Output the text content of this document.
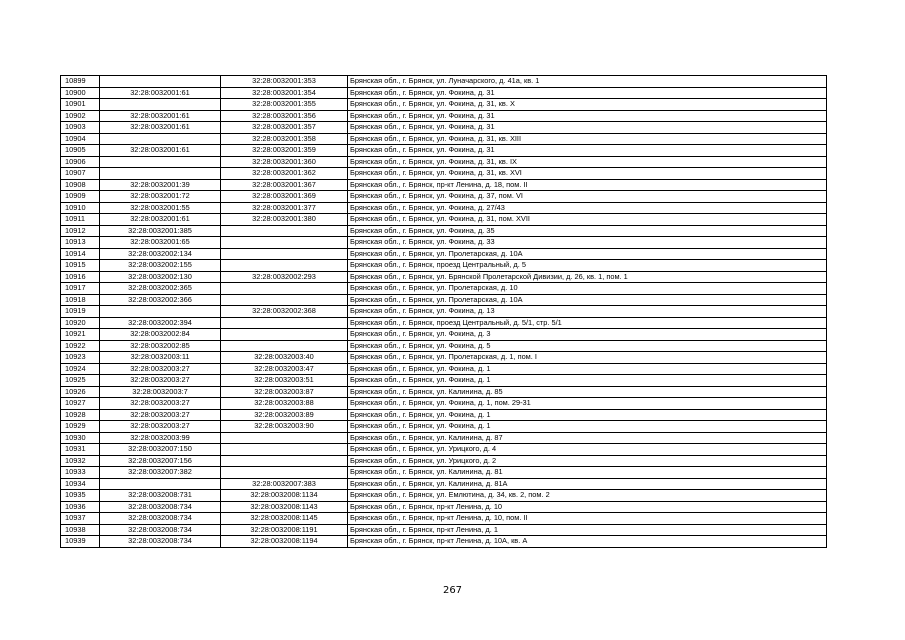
10899		32:28:0032001:353	Брянская обл., г. Брянск, ул. Луначарского, д. 41а, кв. 1
10900	32:28:0032001:61	32:28:0032001:354	Брянская обл., г. Брянск, ул. Фокина, д. 31
10901		32:28:0032001:355	Брянская обл., г. Брянск, ул. Фокина, д. 31, кв. X
10902	32:28:0032001:61	32:28:0032001:356	Брянская обл., г. Брянск, ул. Фокина, д. 31
10903	32:28:0032001:61	32:28:0032001:357	Брянская обл., г. Брянск, ул. Фокина, д. 31
10904		32:28:0032001:358	Брянская обл., г. Брянск, ул. Фокина, д. 31, кв. XIII
10905	32:28:0032001:61	32:28:0032001:359	Брянская обл., г. Брянск, ул. Фокина, д. 31
10906		32:28:0032001:360	Брянская обл., г. Брянск, ул. Фокина, д. 31, кв. IX
10907		32:28:0032001:362	Брянская обл., г. Брянск, ул. Фокина, д. 31, кв. XVI
10908	32:28:0032001:39	32:28:0032001:367	Брянская обл., г. Брянск, пр-кт Ленина, д. 18, пом. II
10909	32:28:0032001:72	32:28:0032001:369	Брянская обл., г. Брянск, ул. Фокина, д. 37, пом. VI
10910	32:28:0032001:55	32:28:0032001:377	Брянская обл., г. Брянск, ул. Фокина, д. 27/43
10911	32:28:0032001:61	32:28:0032001:380	Брянская обл., г. Брянск, ул. Фокина, д. 31, пом. XVII
10912	32:28:0032001:385		Брянская обл., г. Брянск, ул. Фокина, д. 35
10913	32:28:0032001:65		Брянская обл., г. Брянск, ул. Фокина, д. 33
10914	32:28:0032002:134		Брянская обл., г. Брянск, ул. Пролетарская, д. 10А
10915	32:28:0032002:155		Брянская обл., г. Брянск, проезд Центральный, д. 5
10916	32:28:0032002:130	32:28:0032002:293	Брянская обл., г. Брянск, ул. Брянской Пролетарской Дивизии, д. 26, кв. 1, пом. 1
10917	32:28:0032002:365		Брянская обл., г. Брянск, ул. Пролетарская, д. 10
10918	32:28:0032002:366		Брянская обл., г. Брянск, ул. Пролетарская, д. 10А
10919		32:28:0032002:368	Брянская обл., г. Брянск, ул. Фокина, д. 13
10920	32:28:0032002:394		Брянская обл., г. Брянск, проезд Центральный, д. 5/1, стр. 5/1
10921	32:28:0032002:84		Брянская обл., г. Брянск, ул. Фокина, д. 3
10922	32:28:0032002:85		Брянская обл., г. Брянск, ул. Фокина, д. 5
10923	32:28:0032003:11	32:28:0032003:40	Брянская обл., г. Брянск, ул. Пролетарская, д. 1, пом. I
10924	32:28:0032003:27	32:28:0032003:47	Брянская обл., г. Брянск, ул. Фокина, д. 1
10925	32:28:0032003:27	32:28:0032003:51	Брянская обл., г. Брянск, ул. Фокина, д. 1
10926	32:28:0032003:7	32:28:0032003:87	Брянская обл., г. Брянск, ул. Калинина, д. 85
10927	32:28:0032003:27	32:28:0032003:88	Брянская обл., г. Брянск, ул. Фокина, д. 1, пом. 29-31
10928	32:28:0032003:27	32:28:0032003:89	Брянская обл., г. Брянск, ул. Фокина, д. 1
10929	32:28:0032003:27	32:28:0032003:90	Брянская обл., г. Брянск, ул. Фокина, д. 1
10930	32:28:0032003:99		Брянская обл., г. Брянск, ул. Калинина, д. 87
10931	32:28:0032007:150		Брянская обл., г. Брянск, ул. Урицкого, д. 4
10932	32:28:0032007:156		Брянская обл., г. Брянск, ул. Урицкого, д. 2
10933	32:28:0032007:382		Брянская обл., г. Брянск, ул. Калинина, д. 81
10934		32:28:0032007:383	Брянская обл., г. Брянск, ул. Калинина, д. 81А
10935	32:28:0032008:731	32:28:0032008:1134	Брянская обл., г. Брянск, ул. Емлютина, д. 34, кв. 2, пом. 2
10936	32:28:0032008:734	32:28:0032008:1143	Брянская обл., г. Брянск, пр-кт Ленина, д. 10
10937	32:28:0032008:734	32:28:0032008:1145	Брянская обл., г. Брянск, пр-кт Ленина, д. 10, пом. II
10938	32:28:0032008:734	32:28:0032008:1191	Брянская обл., г. Брянск, пр-кт Ленина, д. 1
10939	32:28:0032008:734	32:28:0032008:1194	Брянская обл., г. Брянск, пр-кт Ленина, д. 10А, кв. А
267
